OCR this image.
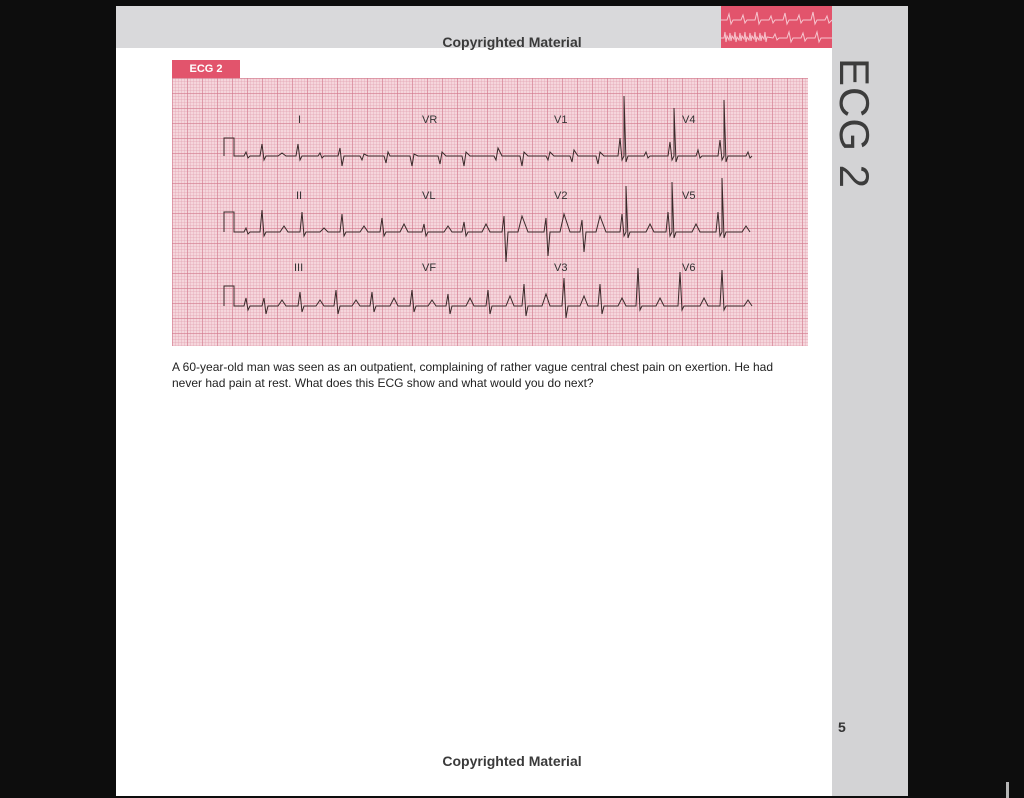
Copyrighted Material
ECG 2
ECG 2
I	VR	V1	V4
II	VL	V2	V5
III	VF	V3	V6
A 60-year-old man was seen as an outpatient, complaining of rather vague central chest pain on exertion. He had never had pain at rest. What does this ECG show and what would you do next?
5
Copyrighted Material
